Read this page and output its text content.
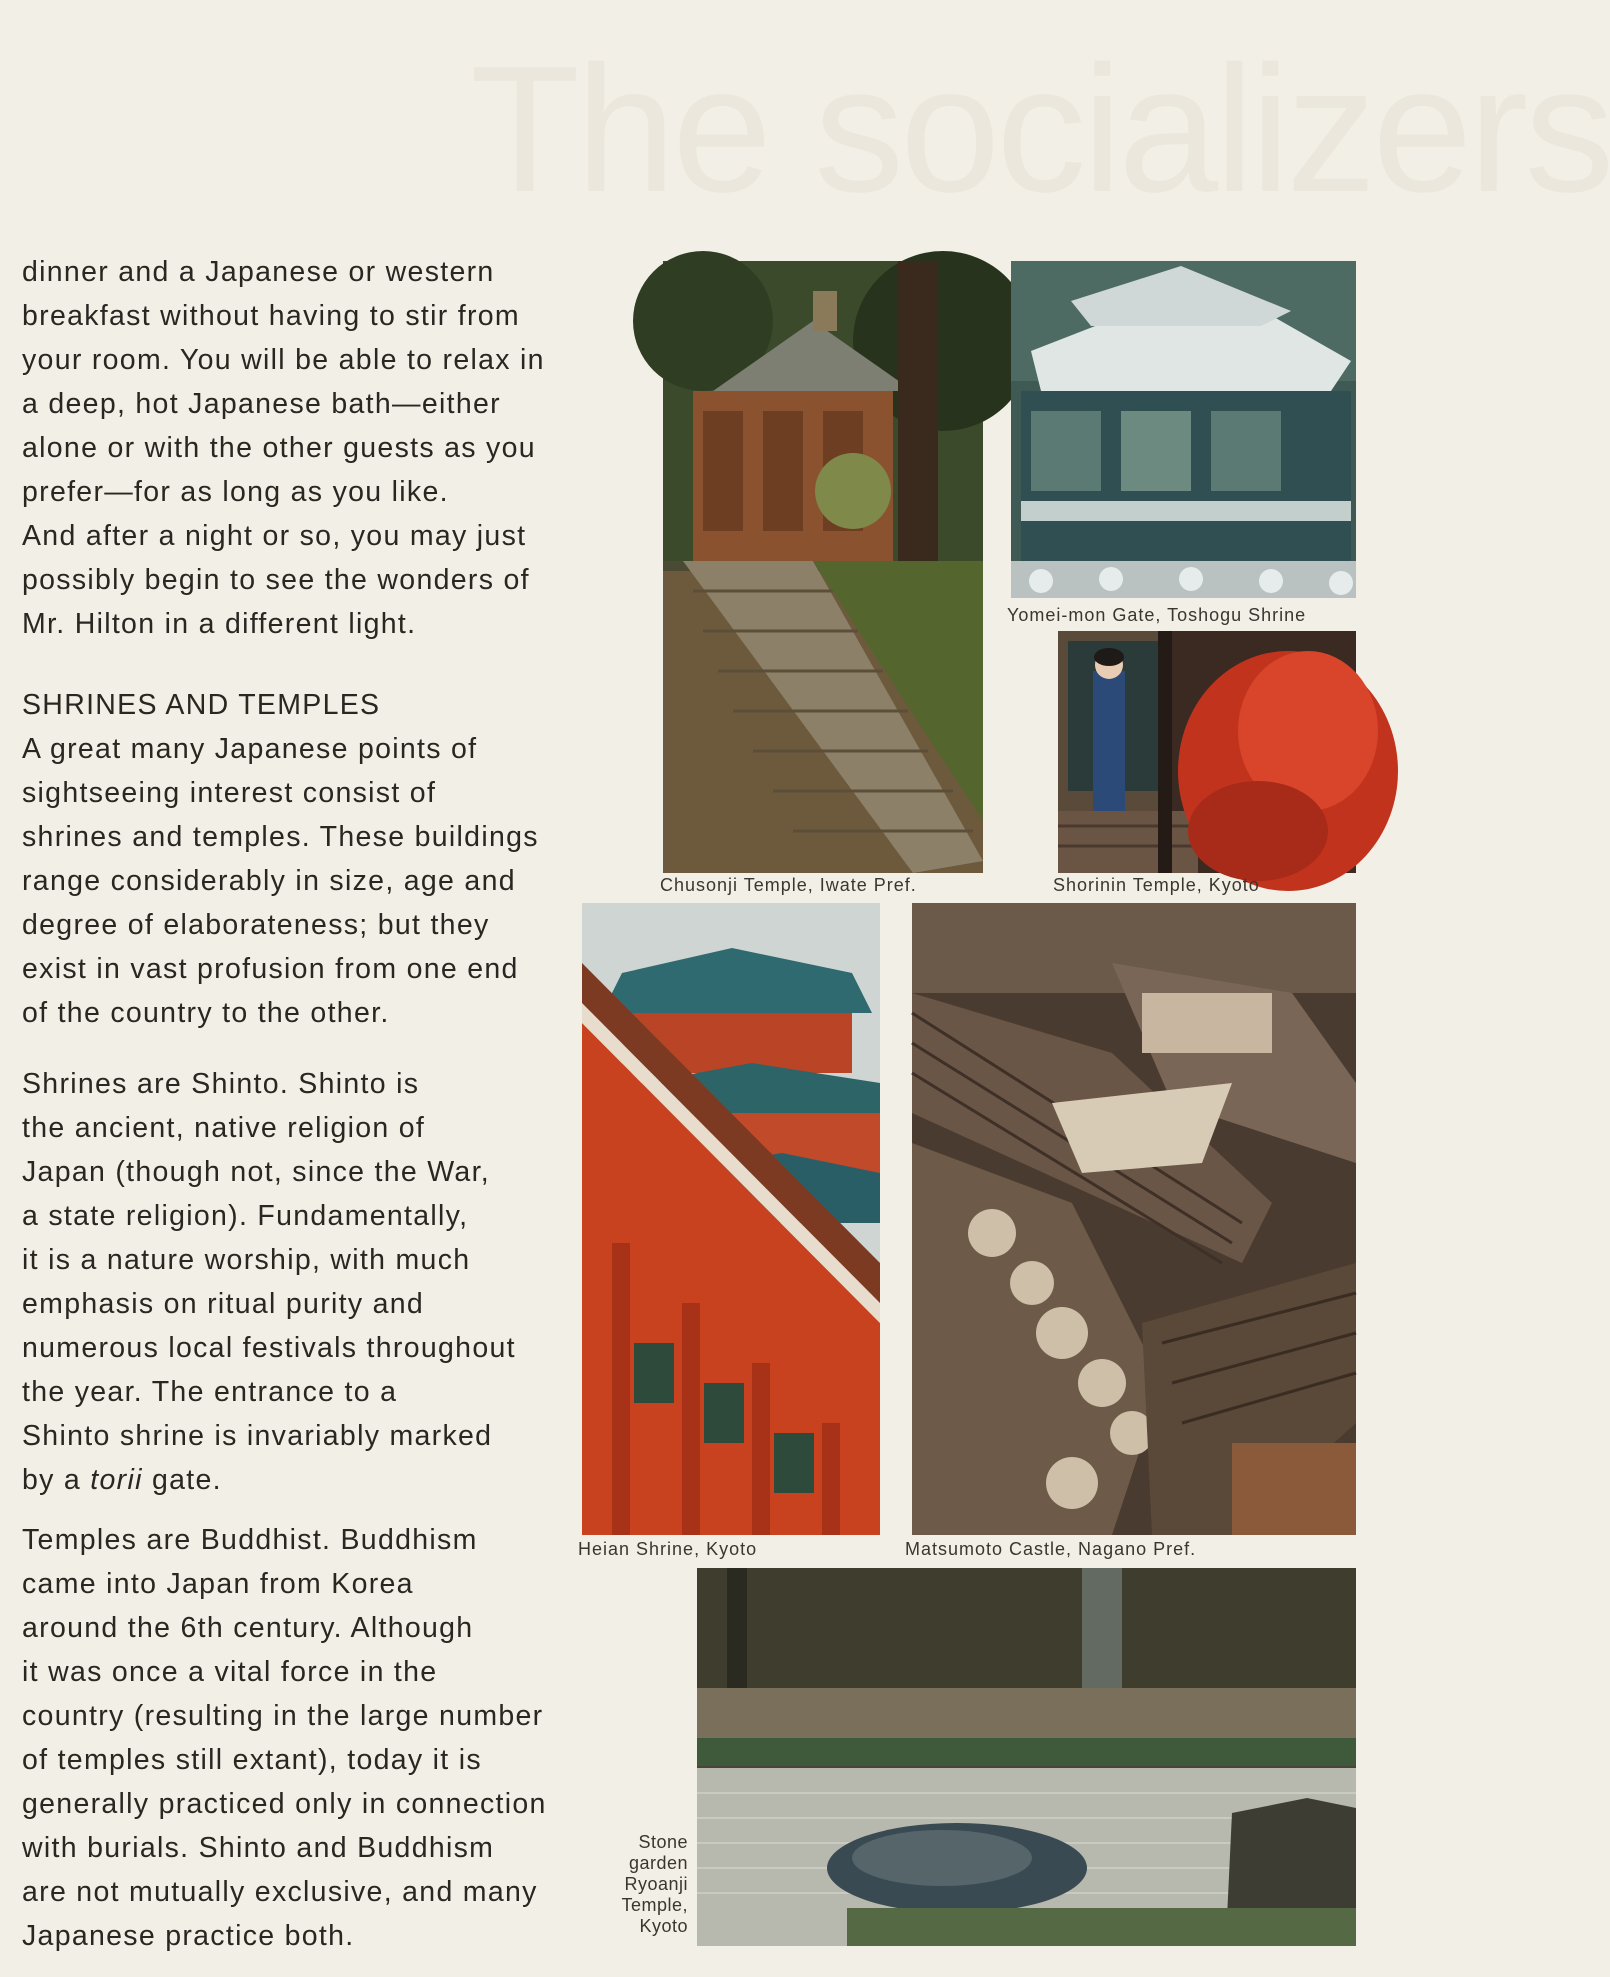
The socializers

dinner and a Japanese or western

breakfast without having to stir from

your room. You will be able to relax in

a deep, hot Japanese bath—either

alone or with the other guests as you

prefer—for as long as you like.

And after a night or so, you may just

possibly begin to see the wonders of

Mr. Hilton in a different light.

SHRINES AND TEMPLES

A great many Japanese points of

sightseeing interest consist of

shrines and temples. These buildings

range considerably in size, age and

degree of elaborateness; but they

exist in vast profusion from one end

of the country to the other.

Shrines are Shinto. Shinto is

the ancient, native religion of

Japan (though not, since the War,

a state religion). Fundamentally,

it is a nature worship, with much

emphasis on ritual purity and

numerous local festivals throughout

the year. The entrance to a

Shinto shrine is invariably marked

by a torii gate.

Temples are Buddhist. Buddhism

came into Japan from Korea

around the 6th century. Although

it was once a vital force in the

country (resulting in the large number

of temples still extant), today it is

generally practiced only in connection

with burials. Shinto and Buddhism

are not mutually exclusive, and many

Japanese practice both.

Chusonji Temple, Iwate Pref.
Yomei-mon Gate, Toshogu Shrine
Shorinin Temple, Kyoto
Heian Shrine, Kyoto	Matsumoto Castle, Nagano Pref.
Stone
garden
Ryoanji
Temple,
Kyoto
